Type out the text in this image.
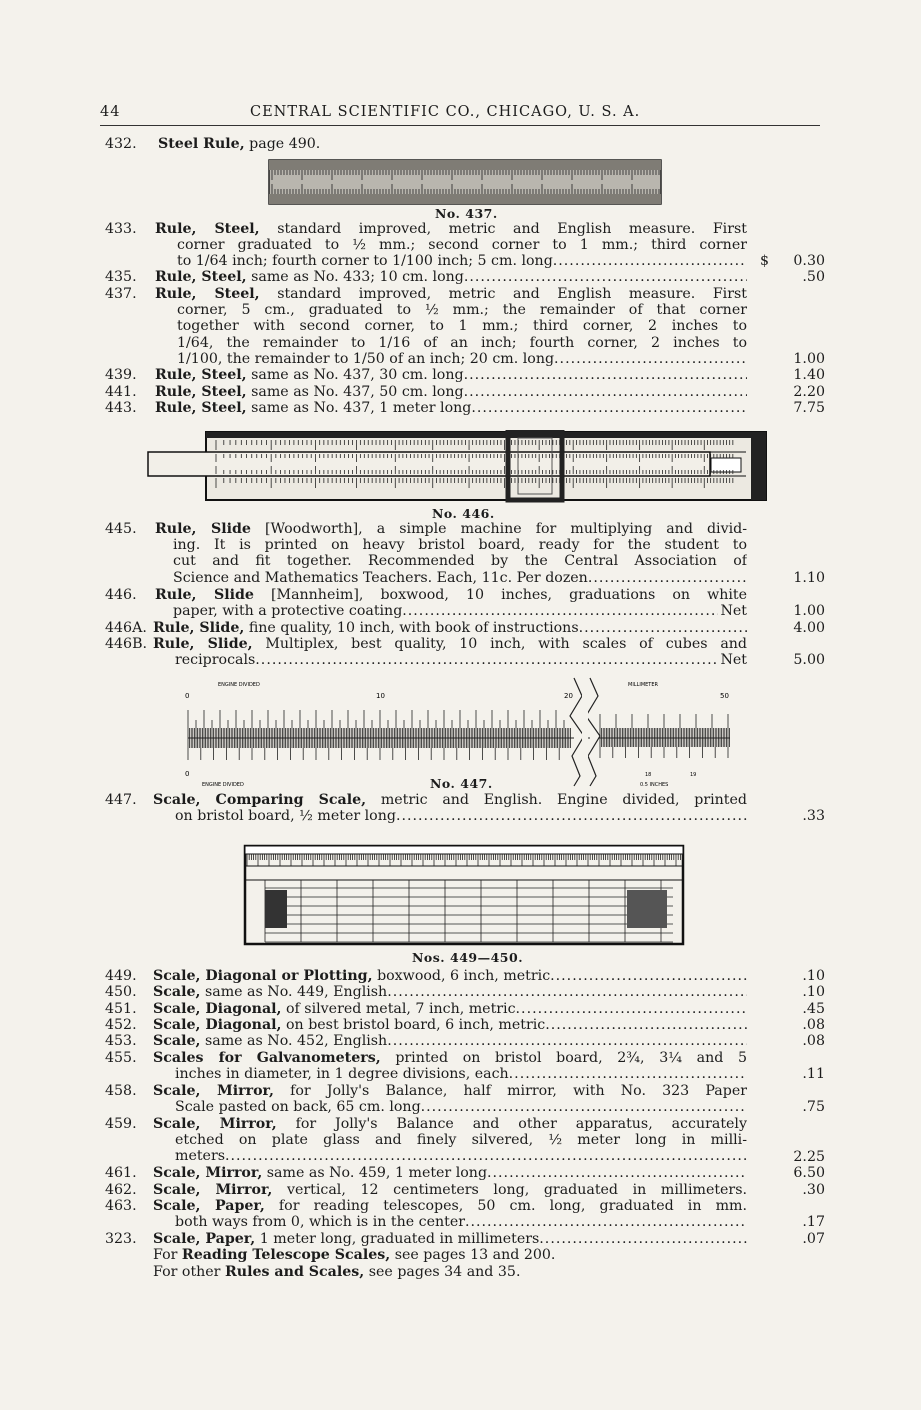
44	CENTRAL SCIENTIFIC CO., CHICAGO, U. S. A.
432. Steel Rule, page 490.
No. 437.
433. Rule, Steel, standard improved, metric and English measure. First
corner graduated to ½ mm.; second corner to 1 mm.; third corner
to 1/64 inch; fourth corner to 1/100 inch; 5 cm. long .....	$	0.30
435. Rule, Steel,
same as No. 433; 10 cm. long .....	.50
437. Rule, Steel, standard improved, metric and English measure. First
corner, 5 cm., graduated to ½ mm.; the remainder of that corner
together with second corner, to 1 mm.; third corner, 2 inches to
1/64, the remainder to 1/16 of an inch; fourth corner, 2 inches to
1/100, the remainder to 1/50 of an inch; 20 cm. long .....	1.00
439. Rule, Steel,
same as No. 437, 30 cm. long .....	1.40
441. Rule, Steel,
same as No. 437, 50 cm. long .....	2.20
443. Rule, Steel,
same as No. 437, 1 meter long .....	7.75
No. 446.
445. Rule, Slide [Woodworth], a simple machine for multiplying and divid-
ing. It is printed on heavy bristol board, ready for the student to
cut and fit together. Recommended by the Central Association of
Science and Mathematics Teachers. Each, 11c. Per dozen .....	1.10
446. Rule, Slide [Mannheim], boxwood, 10 inches, graduations on white
paper, with a protective coating .....	Net	1.00
446A. Rule, Slide,
fine quality, 10 inch, with book of instructions .....	4.00
446B. Rule, Slide, Multiplex, best quality, 10 inch, with scales of cubes and
reciprocals .....	Net	5.00
ENGINE DIVIDED	MILLIMETER
0	10	20	50
0	18	19
ENGINE DIVIDED	0.5 INCHES
No. 447.
447. Scale, Comparing Scale, metric and English. Engine divided, printed
on bristol board, ½ meter long .....	.33
Nos. 449—450.
449. Scale, Diagonal or Plotting,
boxwood, 6 inch, metric .....	.10
450. Scale,
same as No. 449, English .....	.10
451. Scale, Diagonal,
of silvered metal, 7 inch, metric .....	.45
452. Scale, Diagonal,
on best bristol board, 6 inch, metric .....	.08
453. Scale,
same as No. 452, English .....	.08
455. Scales for Galvanometers, printed on bristol board, 2¾, 3¼ and 5
inches in diameter, in 1 degree divisions, each .....	.11
458. Scale, Mirror, for Jolly's Balance, half mirror, with No. 323 Paper
Scale pasted on back, 65 cm. long .....	.75
459. Scale, Mirror, for Jolly's Balance and other apparatus, accurately
etched on plate glass and finely silvered, ½ meter long in milli-
meters .....	2.25
461. Scale, Mirror,
same as No. 459, 1 meter long .....	6.50
462. Scale, Mirror, vertical, 12 centimeters long, graduated in millimeters.	.30
463. Scale, Paper, for reading telescopes, 50 cm. long, graduated in mm.
both ways from 0, which is in the center .....	.17
323. Scale, Paper,
1 meter long, graduated in millimeters .....	.07
For Reading Telescope Scales, see pages 13 and 200.
For other Rules and Scales, see pages 34 and 35.
